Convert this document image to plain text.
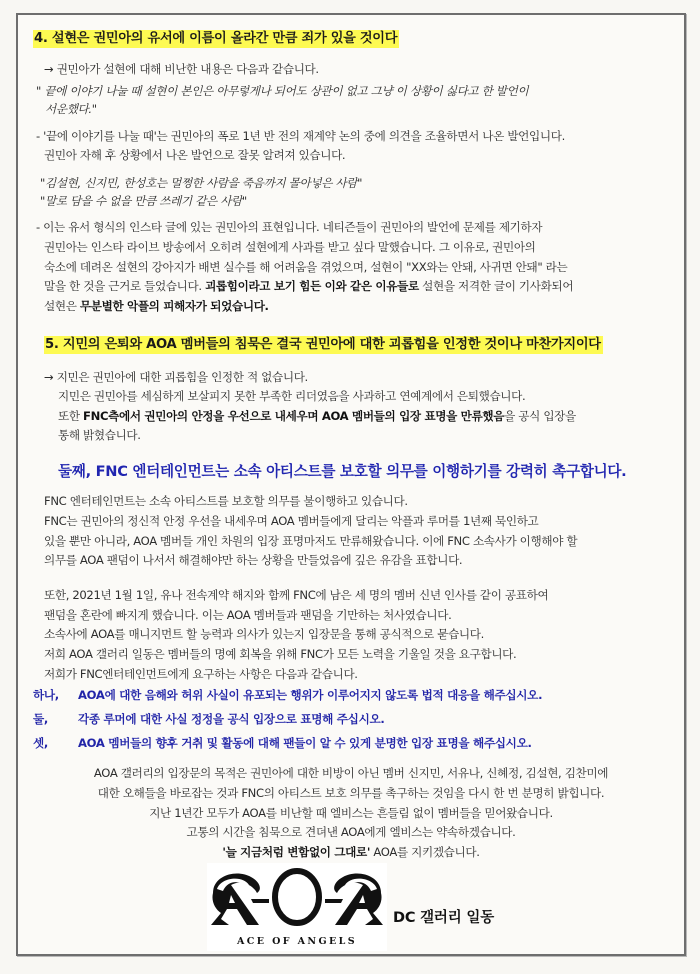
4. 설현은 권민아의 유서에 이름이 올라간 만큼 죄가 있을 것이다
→ 권민아가 설현에 대해 비난한 내용은 다음과 같습니다.
" 끝에 이야기 나눌 때 설현이 본인은 아무렇게나 되어도 상관이 없고 그냥 이 상황이 싫다고 한 발언이
서운했다."
- '끝에 이야기를 나눌 때'는 권민아의 폭로 1년 반 전의 재계약 논의 중에 의견을 조율하면서 나온 발언입니다.
권민아 자해 후 상황에서 나온 발언으로 잘못 알려져 있습니다.
"김설현, 신지민, 한성호는 멀쩡한 사람을 죽음까지 몰아넣은 사람"
"말로 담을 수 없을 만큼 쓰레기 같은 사람"
- 이는 유서 형식의 인스타 글에 있는 권민아의 표현입니다. 네티즌들이 권민아의 발언에 문제를 제기하자
권민아는 인스타 라이브 방송에서 오히려 설현에게 사과를 받고 싶다 말했습니다. 그 이유로, 권민아의
숙소에 데려온 설현의 강아지가 배변 실수를 해 어려움을 겪었으며, 설현이 "XX와는 안돼, 사귀면 안돼" 라는
말을 한 것을 근거로 들었습니다. 괴롭힘이라고 보기 힘든 이와 같은 이유들로 설현을 저격한 글이 기사화되어
설현은 무분별한 악플의 피해자가 되었습니다.
5. 지민의 은퇴와 AOA 멤버들의 침묵은 결국 권민아에 대한 괴롭힘을 인정한 것이나 마찬가지이다
→ 지민은 권민아에 대한 괴롭힘을 인정한 적 없습니다.
지민은 권민아를 세심하게 보살피지 못한 부족한 리더였음을 사과하고 연예계에서 은퇴했습니다.
또한 FNC측에서 권민아의 안정을 우선으로 내세우며 AOA 멤버들의 입장 표명을 만류했음을 공식 입장을
통해 밝혔습니다.
둘째, FNC 엔터테인먼트는 소속 아티스트를 보호할 의무를 이행하기를 강력히 촉구합니다.
FNC 엔터테인먼트는 소속 아티스트를 보호할 의무를 불이행하고 있습니다.
FNC는 권민아의 정신적 안정 우선을 내세우며 AOA 멤버들에게 달리는 악플과 루머를 1년째 묵인하고
있을 뿐만 아니라, AOA 멤버들 개인 차원의 입장 표명마저도 만류해왔습니다. 이에 FNC 소속사가 이행해야 할
의무를 AOA 팬덤이 나서서 해결해야만 하는 상황을 만들었음에 깊은 유감을 표합니다.
또한, 2021년 1월 1일, 유나 전속계약 해지와 함께 FNC에 남은 세 명의 멤버 신년 인사를 같이 공표하여
팬덤을 혼란에 빠지게 했습니다. 이는 AOA 멤버들과 팬덤을 기만하는 처사였습니다.
소속사에 AOA를 매니지먼트 할 능력과 의사가 있는지 입장문을 통해 공식적으로 묻습니다.
저희 AOA 갤러리 일동은 멤버들의 명예 회복을 위해 FNC가 모든 노력을 기울일 것을 요구합니다.
저희가 FNC엔터테인먼트에게 요구하는 사항은 다음과 같습니다.
하나, AOA에 대한 음해와 허위 사실이 유포되는 행위가 이루어지지 않도록 법적 대응을 해주십시오.
둘,	각종 루머에 대한 사실 정정을 공식 입장으로 표명해 주십시오.
셋,	AOA 멤버들의 향후 거취 및 활동에 대해 팬들이 알 수 있게 분명한 입장 표명을 해주십시오.
AOA 갤러리의 입장문의 목적은 권민아에 대한 비방이 아닌 멤버 신지민, 서유나, 신혜정, 김설현, 김찬미에
대한 오해들을 바로잡는 것과 FNC의 아티스트 보호 의무를 촉구하는 것임을 다시 한 번 분명히 밝힙니다.
지난 1년간 모두가 AOA를 비난할 때 엘비스는 흔들림 없이 멤버들을 믿어왔습니다.
고통의 시간을 침묵으로 견뎌낸 AOA에게 엘비스는 약속하겠습니다.
'늘 지금처럼 변함없이 그대로' AOA를 지키겠습니다.
ACE OF ANGELS
DC 갤러리 일동
